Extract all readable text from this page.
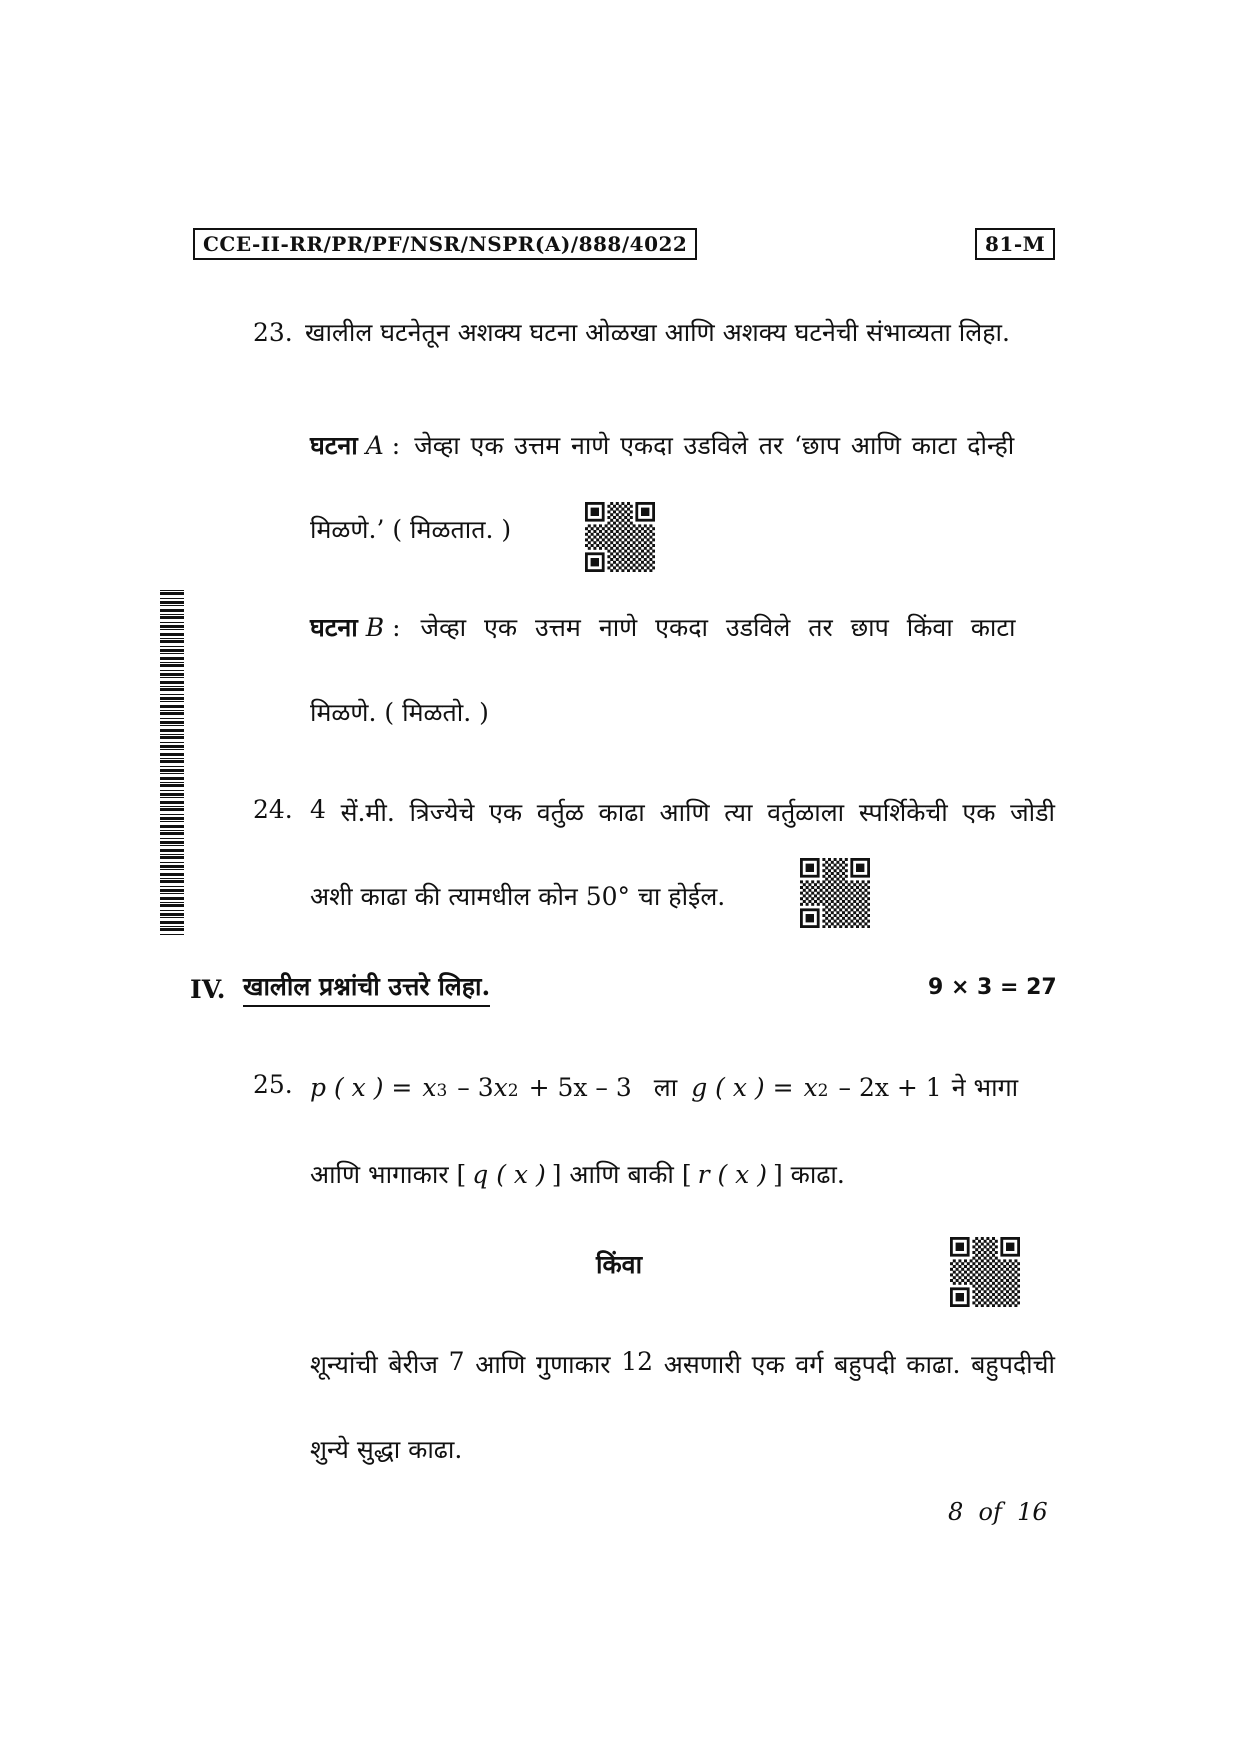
CCE-II-RR/PR/PF/NSR/NSPR(A)/888/4022	81-M
23. खालील घटनेतून अशक्य घटना ओळखा आणि अशक्य घटनेची संभाव्यता लिहा.
घटना A : जेव्हा एक उत्तम नाणे एकदा उडविले तर ‘छाप आणि काटा दोन्ही
मिळणे.’ ( मिळतात. )
घटना B : जेव्हा एक उत्तम नाणे एकदा उडविले तर छाप किंवा काटा
मिळणे. ( मिळतो. )
24. 4 सें.मी. त्रिज्येचे एक वर्तुळ काढा आणि त्या वर्तुळाला स्पर्शिकेची एक जोडी
अशी काढा की त्यामधील कोन 50° चा होईल.
IV. खालील प्रश्नांची उत्तरे लिहा.	9 × 3 = 27
25. p ( x ) = x 3 – 3 x 2 + 5x – 3 ला g ( x ) = x 2 – 2x + 1 ने भागा
आणि भागाकार [ q ( x ) ] आणि बाकी [ r ( x ) ] काढा.
किंवा
शून्यांची बेरीज 7 आणि गुणाकार 12 असणारी एक वर्ग बहुपदी काढा. बहुपदीची
शुन्ये सुद्धा काढा.
8  of  16
